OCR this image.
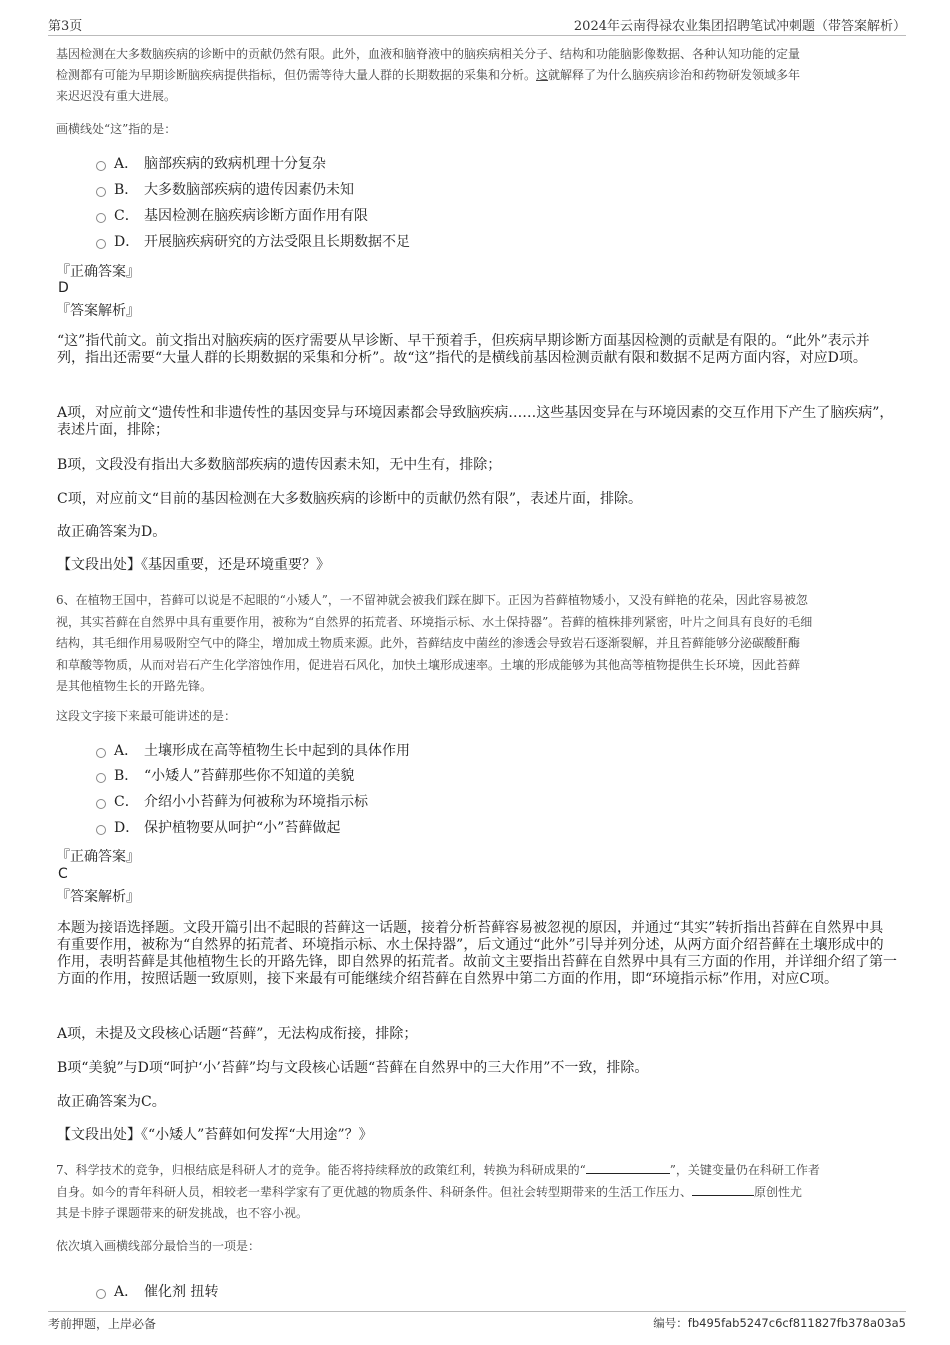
第3页	2024年云南得禄农业集团招聘笔试冲刺题（带答案解析）
基因检测在大多数脑疾病的诊断中的贡献仍然有限。此外，血液和脑脊液中的脑疾病相关分子、结构和功能脑影像数据、各种认知功能的定量
检测都有可能为早期诊断脑疾病提供指标，但仍需等待大量人群的长期数据的采集和分析。这就解释了为什么脑疾病诊治和药物研发领域多年
来迟迟没有重大进展。
画横线处“这”指的是：
A． 脑部疾病的致病机理十分复杂
B． 大多数脑部疾病的遗传因素仍未知
C． 基因检测在脑疾病诊断方面作用有限
D． 开展脑疾病研究的方法受限且长期数据不足
『正确答案』
D
『答案解析』
“这”指代前文。前文指出对脑疾病的医疗需要从早诊断、早干预着手，但疾病早期诊断方面基因检测的贡献是有限的。“此外”表示并列，指出还需要“大量人群的长期数据的采集和分析”。故“这”指代的是横线前基因检测贡献有限和数据不足两方面内容，对应D项。
A项，对应前文“遗传性和非遗传性的基因变异与环境因素都会导致脑疾病……这些基因变异在与环境因素的交互作用下产生了脑疾病”，表述片面，排除；
B项，文段没有指出大多数脑部疾病的遗传因素未知，无中生有，排除；
C项，对应前文“目前的基因检测在大多数脑疾病的诊断中的贡献仍然有限”，表述片面，排除。
故正确答案为D。
【文段出处】《基因重要，还是环境重要？》
6、在植物王国中，苔藓可以说是不起眼的“小矮人”，一不留神就会被我们踩在脚下。正因为苔藓植物矮小，又没有鲜艳的花朵，因此容易被忽
视，其实苔藓在自然界中具有重要作用，被称为“自然界的拓荒者、环境指示标、水土保持器”。苔藓的植株排列紧密，叶片之间具有良好的毛细
结构，其毛细作用易吸附空气中的降尘，增加成土物质来源。此外，苔藓结皮中菌丝的渗透会导致岩石逐渐裂解，并且苔藓能够分泌碳酸酐酶
和草酸等物质，从而对岩石产生化学溶蚀作用，促进岩石风化，加快土壤形成速率。土壤的形成能够为其他高等植物提供生长环境，因此苔藓
是其他植物生长的开路先锋。
这段文字接下来最可能讲述的是：
A． 土壤形成在高等植物生长中起到的具体作用
B． “小矮人”苔藓那些你不知道的美貌
C． 介绍小小苔藓为何被称为环境指示标
D． 保护植物要从呵护“小”苔藓做起
『正确答案』
C
『答案解析』
本题为接语选择题。文段开篇引出不起眼的苔藓这一话题，接着分析苔藓容易被忽视的原因，并通过“其实”转折指出苔藓在自然界中具有重要作用，被称为“自然界的拓荒者、环境指示标、水土保持器”，后文通过“此外”引导并列分述，从两方面介绍苔藓在土壤形成中的作用，表明苔藓是其他植物生长的开路先锋，即自然界的拓荒者。故前文主要指出苔藓在自然界中具有三方面的作用，并详细介绍了第一方面的作用，按照话题一致原则，接下来最有可能继续介绍苔藓在自然界中第二方面的作用，即“环境指示标”作用，对应C项。
A项，未提及文段核心话题“苔藓”，无法构成衔接，排除；
B项“美貌”与D项“呵护‘小’苔藓”均与文段核心话题“苔藓在自然界中的三大作用”不一致，排除。
故正确答案为C。
【文段出处】《“小矮人”苔藓如何发挥“大用途”？》
7、科学技术的竞争，归根结底是科研人才的竞争。能否将持续释放的政策红利，转换为科研成果的“	”，关键变量仍在科研工作者
自身。如今的青年科研人员，相较老一辈科学家有了更优越的物质条件、科研条件。但社会转型期带来的生活工作压力、	原创性尤
其是卡脖子课题带来的研发挑战，也不容小视。
依次填入画横线部分最恰当的一项是：
A． 催化剂 扭转
考前押题，上岸必备	编号：fb495fab5247c6cf811827fb378a03a5
